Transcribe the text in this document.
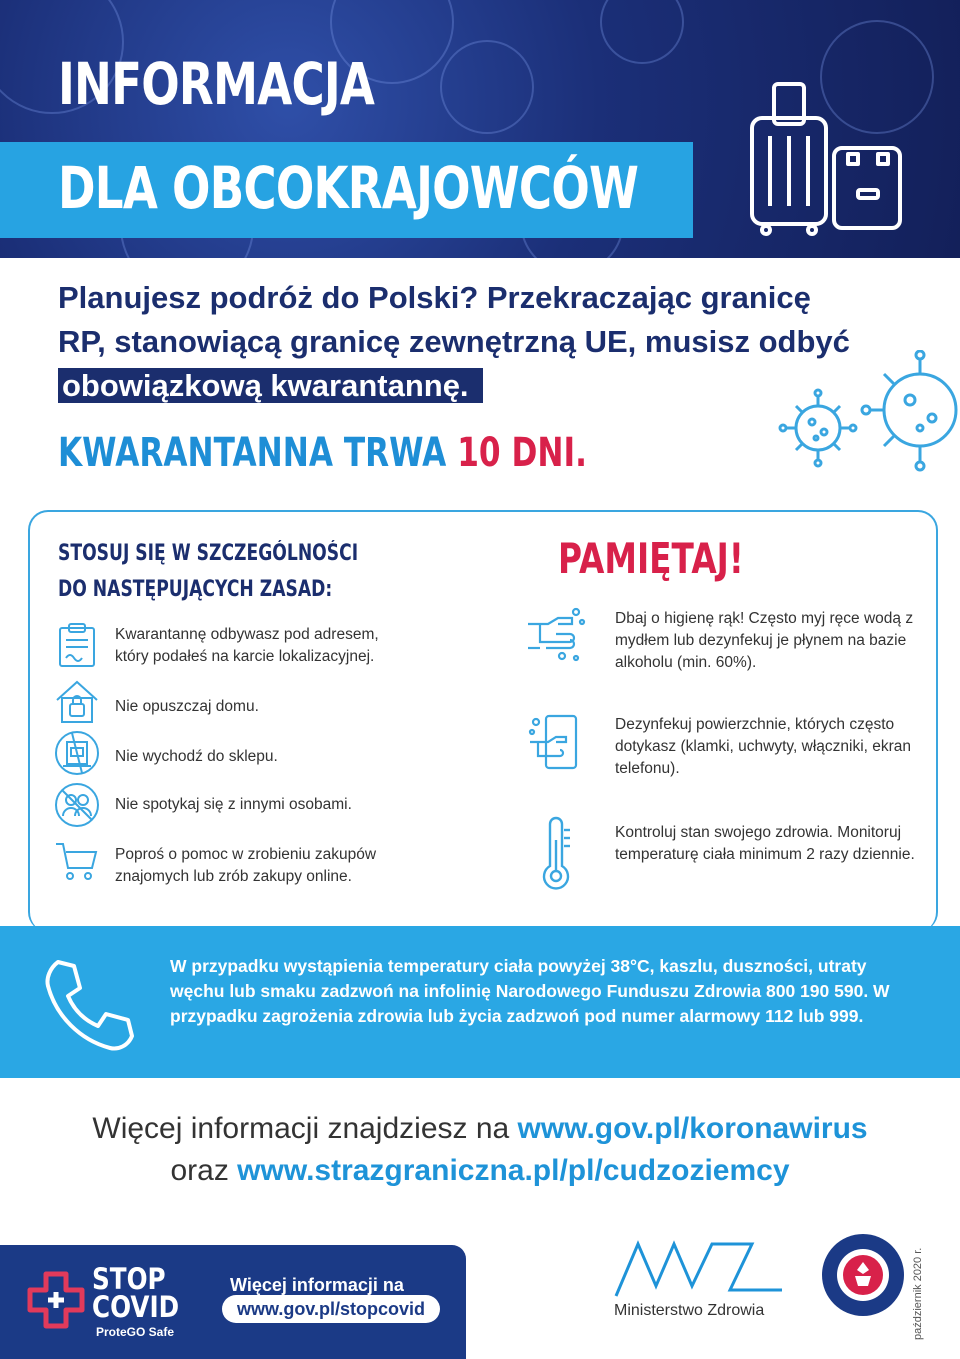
INFORMACJA
DLA OBCOKRAJOWCÓW
Planujesz podróż do Polski? Przekraczając granicę RP, stanowiącą granicę zewnętrzną UE, musisz odbyć obowiązkową kwarantannę.
KWARANTANNA TRWA 10 DNI.
STOSUJ SIĘ W SZCZEGÓLNOŚCI
DO NASTĘPUJĄCYCH ZASAD:
Kwarantannę odbywasz pod adresem, który podałeś na karcie lokalizacyjnej.
Nie opuszczaj domu.
Nie wychodź do sklepu.
Nie spotykaj się z innymi osobami.
Poproś o pomoc w zrobieniu zakupów znajomych lub zrób zakupy online.
PAMIĘTAJ!
Dbaj o higienę rąk! Często myj ręce wodą z mydłem lub dezynfekuj je płynem na bazie alkoholu (min. 60%).
Dezynfekuj powierzchnie, których często dotykasz (klamki, uchwyty, włączniki, ekran telefonu).
Kontroluj stan swojego zdrowia. Monitoruj temperaturę ciała minimum 2 razy dziennie.
W przypadku wystąpienia temperatury ciała powyżej 38°C, kaszlu, duszności, utraty węchu lub smaku zadzwoń na infolinię Narodowego Funduszu Zdrowia 800 190 590. W przypadku zagrożenia zdrowia lub życia zadzwoń pod numer alarmowy 112 lub 999.
Więcej informacji znajdziesz na www.gov.pl/koronawirus
oraz www.strazgraniczna.pl/pl/cudzoziemcy
STOP
COVID
ProteGO Safe
Więcej informacji na
www.gov.pl/stopcovid	Ministerstwo Zdrowia	październik 2020 r.
